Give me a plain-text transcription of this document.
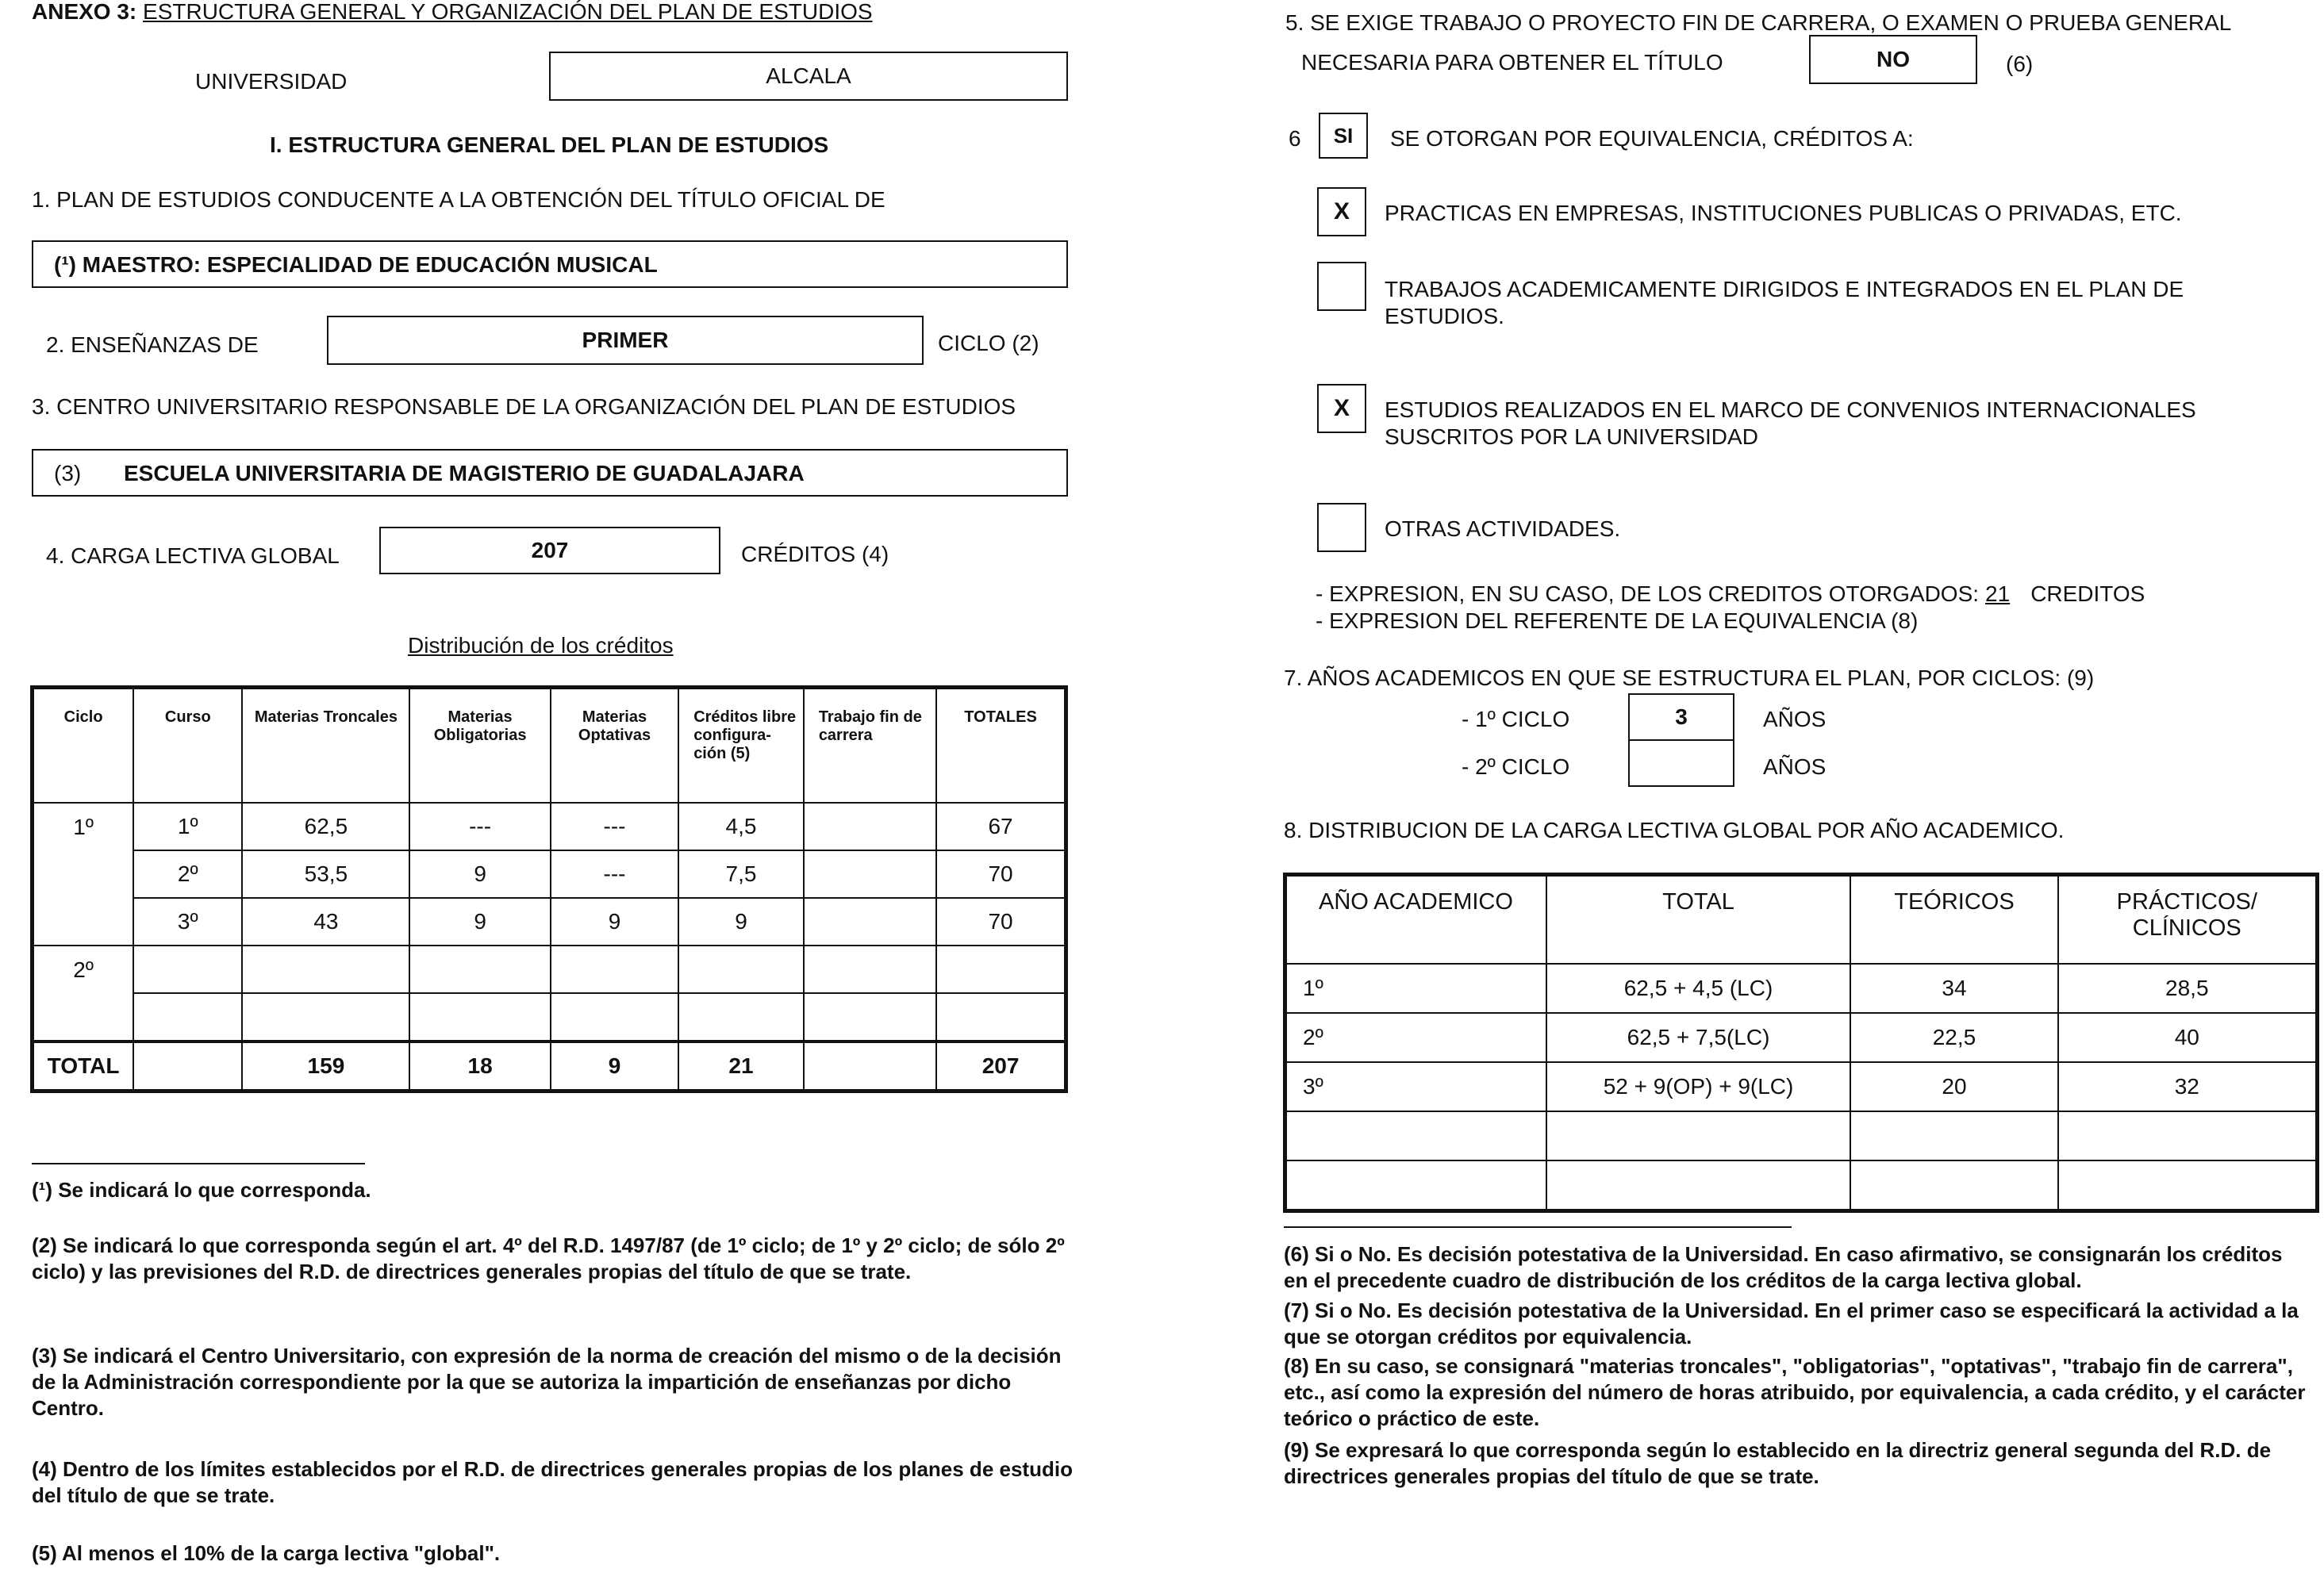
ANEXO 3: ESTRUCTURA GENERAL Y ORGANIZACIÓN DEL PLAN DE ESTUDIOS
UNIVERSIDAD	ALCALA
I. ESTRUCTURA GENERAL DEL PLAN DE ESTUDIOS
1. PLAN DE ESTUDIOS CONDUCENTE A LA OBTENCIÓN DEL TÍTULO OFICIAL DE
(¹) MAESTRO: ESPECIALIDAD DE EDUCACIÓN MUSICAL
2. ENSEÑANZAS DE	PRIMER	CICLO (2)
3. CENTRO UNIVERSITARIO RESPONSABLE DE LA ORGANIZACIÓN DEL PLAN DE ESTUDIOS
(3) ESCUELA UNIVERSITARIA DE MAGISTERIO DE GUADALAJARA
4. CARGA LECTIVA GLOBAL	207	CRÉDITOS (4)
Distribución de los créditos
Ciclo	Curso	Materias Troncales	Materias Obligatorias	Materias Optativas	Créditos libre configura-ción (5)	Trabajo fin de carrera	TOTALES
1º	1º	62,5	---	---	4,5		67
	2º	53,5	9	---	7,5		70
	3º	43	9	9	9		70
2º							

TOTAL		159	18	9	21		207
(¹) Se indicará lo que corresponda.
(2) Se indicará lo que corresponda según el art. 4º del R.D. 1497/87 (de 1º ciclo; de 1º y 2º ciclo; de sólo 2º ciclo) y las previsiones del R.D. de directrices generales propias del título de que se trate.
(3) Se indicará el Centro Universitario, con expresión de la norma de creación del mismo o de la decisión de la Administración correspondiente por la que se autoriza la impartición de enseñanzas por dicho Centro.
(4) Dentro de los límites establecidos por el R.D. de directrices generales propias de los planes de estudio del título de que se trate.
(5) Al menos el 10% de la carga lectiva "global".
5. SE EXIGE TRABAJO O PROYECTO FIN DE CARRERA, O EXAMEN O PRUEBA GENERAL
NECESARIA PARA OBTENER EL TÍTULO	NO	(6)
6 SI SE OTORGAN POR EQUIVALENCIA, CRÉDITOS A:
X PRACTICAS EN EMPRESAS, INSTITUCIONES PUBLICAS O PRIVADAS, ETC.
TRABAJOS ACADEMICAMENTE DIRIGIDOS E INTEGRADOS EN EL PLAN DE ESTUDIOS.
X ESTUDIOS REALIZADOS EN EL MARCO DE CONVENIOS INTERNACIONALES SUSCRITOS POR LA UNIVERSIDAD
OTRAS ACTIVIDADES.
- EXPRESION, EN SU CASO, DE LOS CREDITOS OTORGADOS: 21 CREDITOS
- EXPRESION DEL REFERENTE DE LA EQUIVALENCIA (8)
7. AÑOS ACADEMICOS EN QUE SE ESTRUCTURA EL PLAN, POR CICLOS: (9)
- 1º CICLO	3	AÑOS
- 2º CICLO	AÑOS
8. DISTRIBUCION DE LA CARGA LECTIVA GLOBAL POR AÑO ACADEMICO.
AÑO ACADEMICO	TOTAL	TEÓRICOS	PRÁCTICOS/ CLÍNICOS
1º	62,5 + 4,5 (LC)	34	28,5
2º	62,5 + 7,5(LC)	22,5	40
3º	52 + 9(OP) + 9(LC)	20	32

(6) Si o No. Es decisión potestativa de la Universidad. En caso afirmativo, se consignarán los créditos en el precedente cuadro de distribución de los créditos de la carga lectiva global.
(7) Si o No. Es decisión potestativa de la Universidad. En el primer caso se especificará la actividad a la que se otorgan créditos por equivalencia.
(8) En su caso, se consignará "materias troncales", "obligatorias", "optativas", "trabajo fin de carrera", etc., así como la expresión del número de horas atribuido, por equivalencia, a cada crédito, y el carácter teórico o práctico de este.
(9) Se expresará lo que corresponda según lo establecido en la directriz general segunda del R.D. de directrices generales propias del título de que se trate.
